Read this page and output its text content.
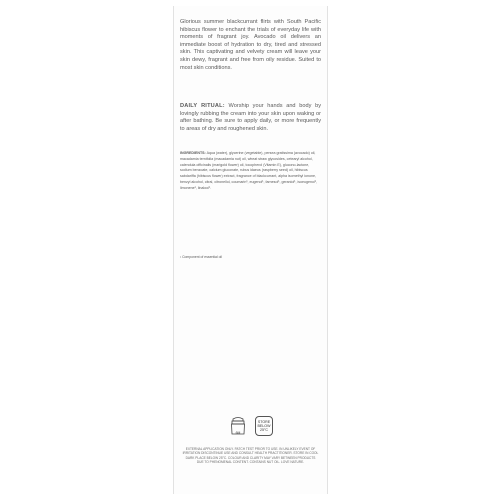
Glorious summer blackcurrant flirts with South Pacific hibiscus flower to enchant the trials of everyday life with moments of fragrant joy. Avocado oil delivers an immediate boost of hydration to dry, tired and stressed skin. This captivating and velvety cream will leave your skin dewy, fragrant and free from oily residue. Suited to most skin conditions.

DAILY RITUAL: Worship your hands and body by lovingly rubbing the cream into your skin upon waking or after bathing. Be sure to apply daily, or more frequently to areas of dry and roughened skin.

INGREDIENTS: Aqua (water), glycerine (vegetable), persea gratissima (avocado) oil, macadamia ternifolia (macadamia nut) oil, wheat straw glycosides, cetearyl alcohol, calendula officinalis (marigold flower) oil, tocopherol (Vitamin E), glucono-lactone, sodium benzoate, calcium gluconate, rubus idaeus (raspberry seed) oil, hibiscus sabdariffa (hibiscus flower) extract, fragrance of blackcurrant, alpha isomethyl ionone, benzyl alcohol, citral, citronellol, coumarin¹, eugenol¹, farnesol¹, geraniol¹, isoeugenol¹, limonene¹, linalool¹.

¹ Component of essential oil

6M
STORE
BELOW
25°C

EXTERNAL APPLICATION ONLY. PATCH TEST PRIOR TO USE. IN UNLIKELY EVENT OF IRRITATION DISCONTINUE USE AND CONSULT HEALTH PRACTITIONER. STORE IN COOL DARK PLACE BELOW 25°C. COLOUR AND CLARITY MAY VARY BETWEEN PRODUCTS DUE TO PHENOMENAL CONTENT. CONTAINS NUT OIL. LOVE NATURE.
